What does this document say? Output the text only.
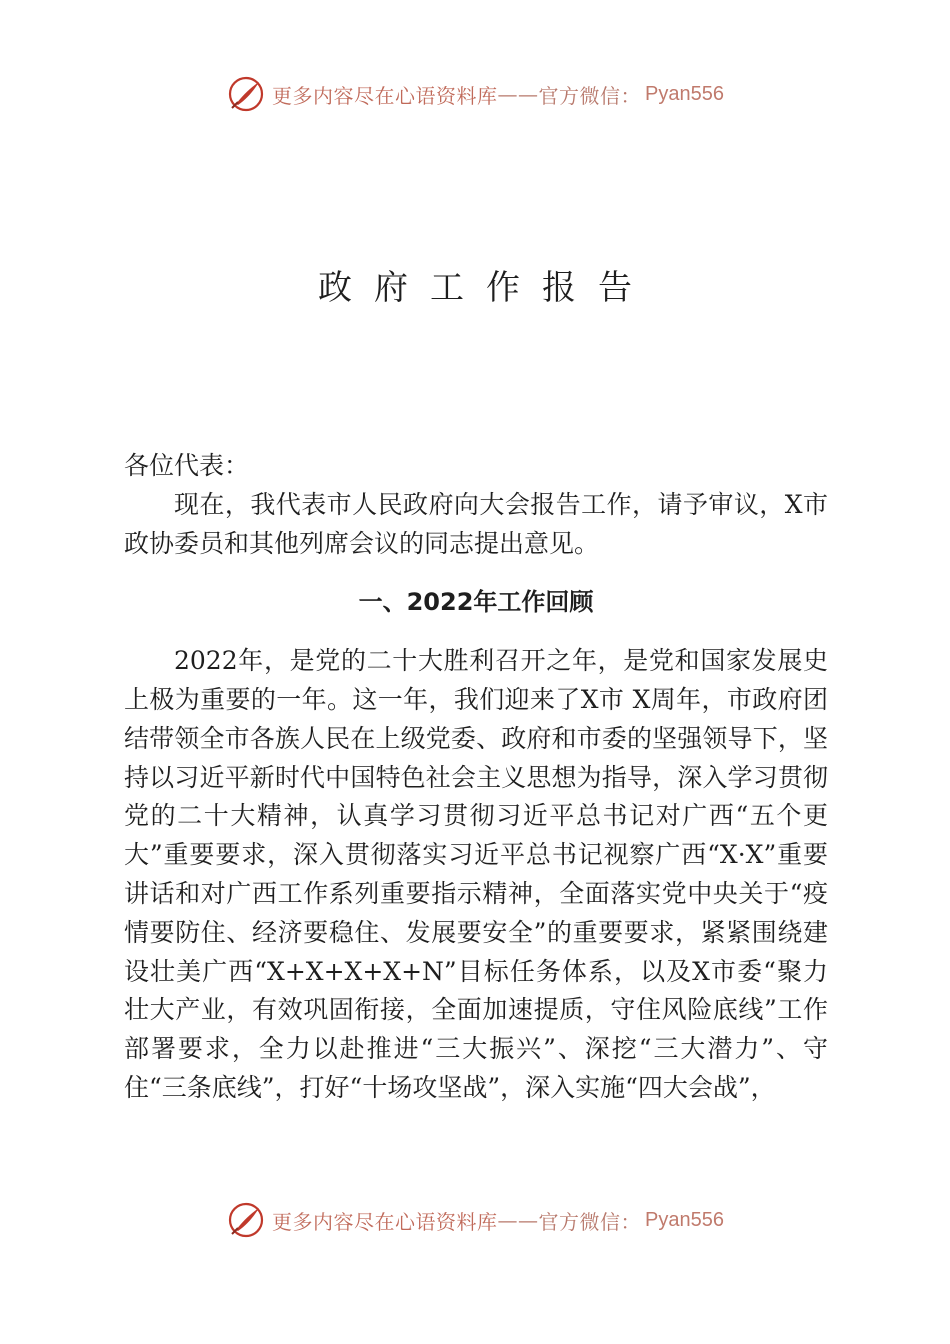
更多内容尽在心语资料库 —— 官方微信： Pyan556
政府工作报告

各位代表：

现在，我代表市人民政府向大会报告工作，请予审议，X市政协委员和其他列席会议的同志提出意见。

一、2022年工作回顾

2022年，是党的二十大胜利召开之年，是党和国家发展史上极为重要的一年。这一年，我们迎来了X市 X周年，市政府团结带领全市各族人民在上级党委、政府和市委的坚强领导下，坚持以习近平新时代中国特色社会主义思想为指导，深入学习贯彻党的二十大精神，认真学习贯彻习近平总书记对广西“五个更大”重要要求，深入贯彻落实习近平总书记视察广西“X·X”重要讲话和对广西工作系列重要指示精神，全面落实党中央关于“疫情要防住、经济要稳住、发展要安全”的重要要求，紧紧围绕建设壮美广西“X+X+X+X+N”目标任务体系，以及X市委“聚力壮大产业，有效巩固衔接，全面加速提质，守住风险底线”工作部署要求，全力以赴推进“三大振兴”、深挖“三大潜力”、守住“三条底线”，打好“十场攻坚战”，深入实施“四大会战”，

更多内容尽在心语资料库 —— 官方微信： Pyan556
